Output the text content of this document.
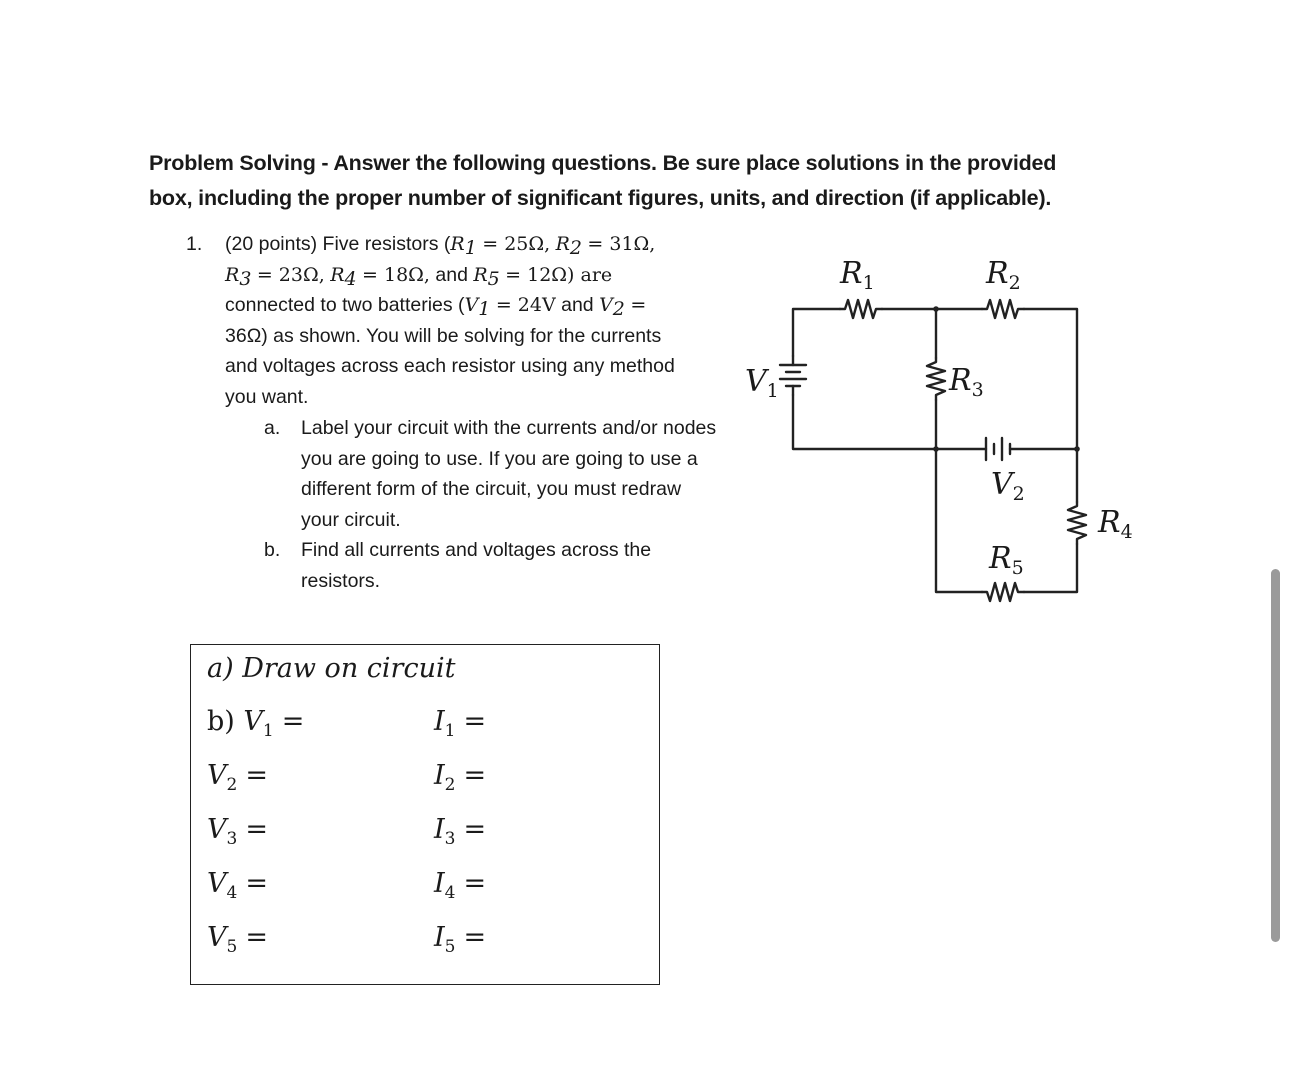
Problem Solving - Answer the following questions. Be sure place solutions in the provided
box, including the proper number of significant figures, units, and direction (if applicable).
1. (20 points) Five resistors ($R_1 = 25\Omega$, $R_2 = 31\Omega$,
$R_3 = 23\Omega$, $R_4 = 18\Omega$, and $R_5 = 12\Omega$) are
connected to two batteries ($V_1 = 24V$ and $V_2$ =
36Ω) as shown. You will be solving for the currents
and voltages across each resistor using any method
you want.
a. Label your circuit with the currents and/or nodes you are going to use. If you are going to use a different form of the circuit, you must redraw your circuit.
b. Find all currents and voltages across the resistors.
a) Draw on circuit
b) $V_1$ =
$V_2$ =
$V_3$ =
$V_4$ =
$V_5$ =
$I_1$ =
$I_2$ =
$I_3$ =
$I_4$ =
$I_5$ =
$R_1$	$R_2$
$R_3$
$V_1$
$V_2$
$R_4$
$R_5$
